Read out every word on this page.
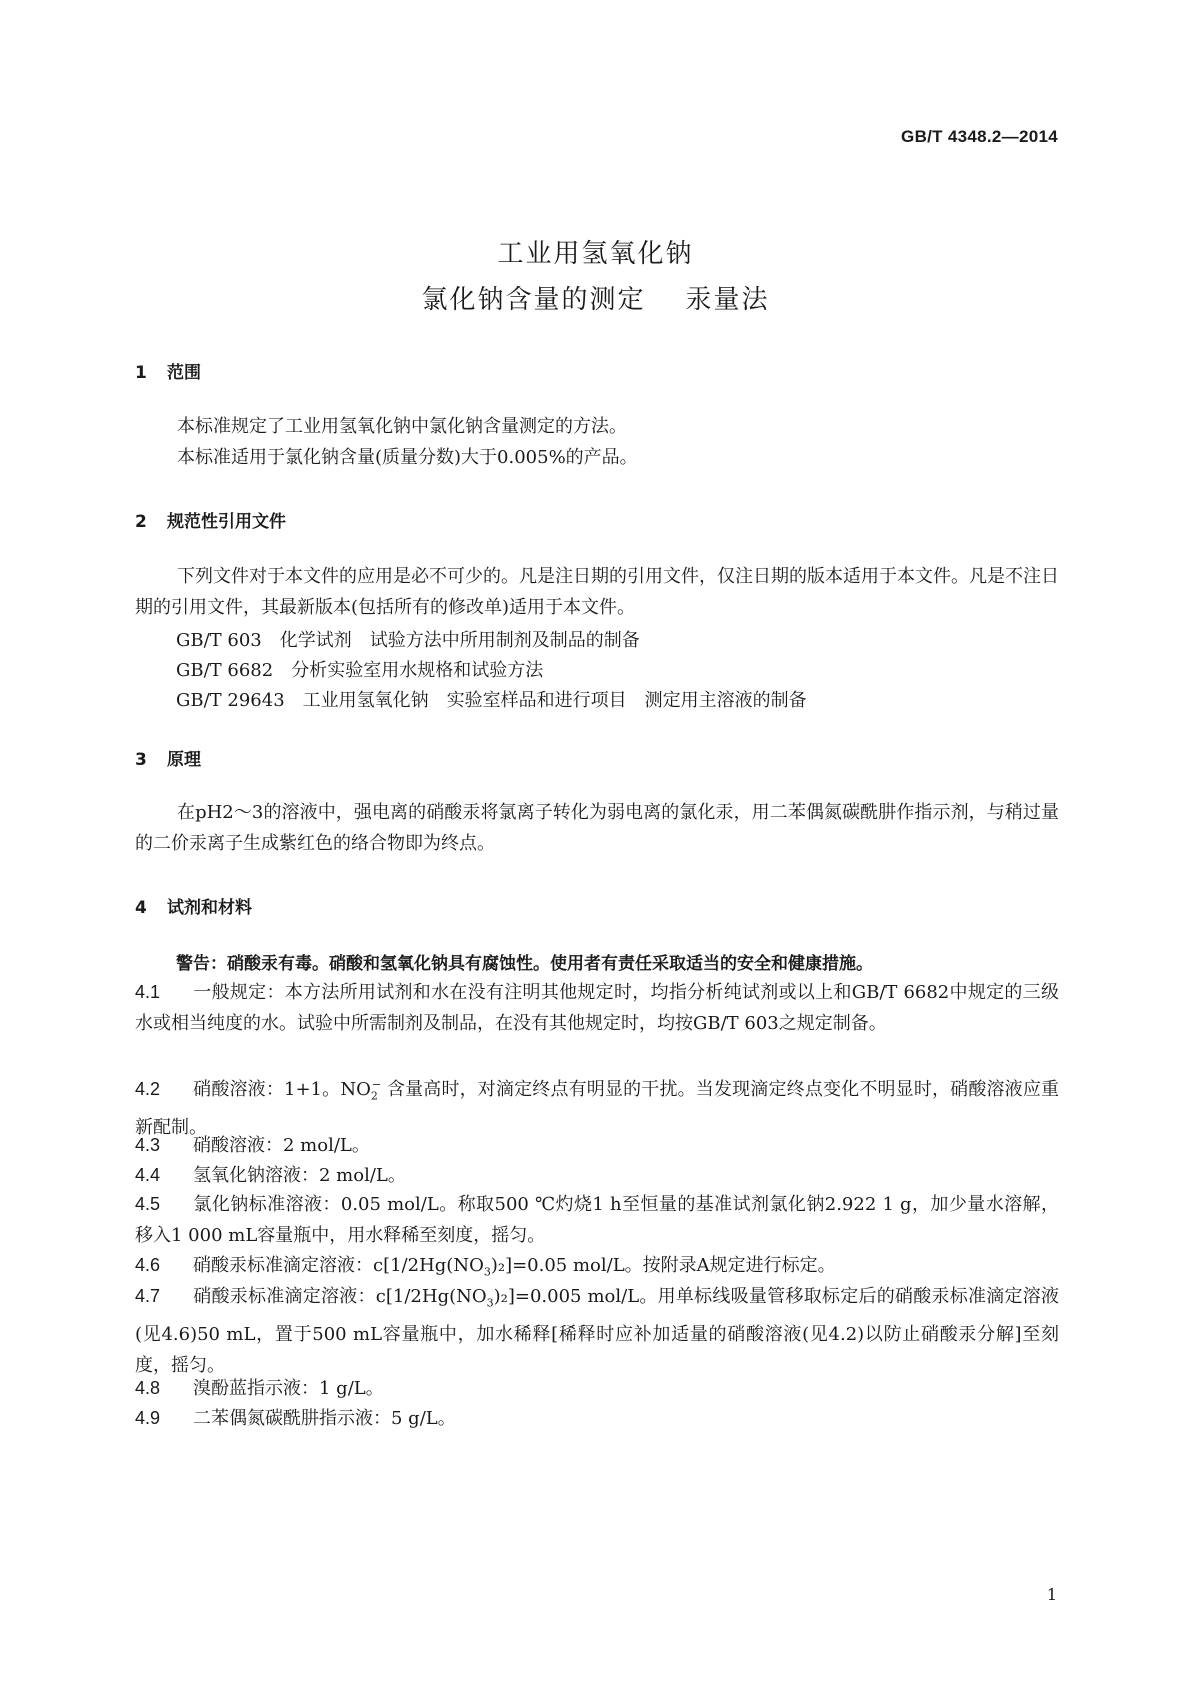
GB/T 4348.2—2014
工业用氢氧化钠
氯化钠含量的测定 汞量法
1 范围
本标准规定了工业用氢氧化钠中氯化钠含量测定的方法。
本标准适用于氯化钠含量(质量分数)大于0.005%的产品。
2 规范性引用文件
下列文件对于本文件的应用是必不可少的。凡是注日期的引用文件，仅注日期的版本适用于本文件。凡是不注日期的引用文件，其最新版本(包括所有的修改单)适用于本文件。
GB/T 603 化学试剂　试验方法中所用制剂及制品的制备
GB/T 6682 分析实验室用水规格和试验方法
GB/T 29643 工业用氢氧化钠　实验室样品和进行项目　测定用主溶液的制备
3 原理
在pH2～3的溶液中，强电离的硝酸汞将氯离子转化为弱电离的氯化汞，用二苯偶氮碳酰肼作指示剂，与稍过量的二价汞离子生成紫红色的络合物即为终点。
4 试剂和材料
警告：硝酸汞有毒。硝酸和氢氧化钠具有腐蚀性。使用者有责任采取适当的安全和健康措施。
4.1 一般规定：本方法所用试剂和水在没有注明其他规定时，均指分析纯试剂或以上和GB/T 6682中规定的三级水或相当纯度的水。试验中所需制剂及制品，在没有其他规定时，均按GB/T 603之规定制备。
4.2 硝酸溶液：1+1。$NO_2^-$ 含量高时，对滴定终点有明显的干扰。当发现滴定终点变化不明显时，硝酸溶液应重新配制。
4.3 硝酸溶液：2 mol/L。
4.4 氢氧化钠溶液：2 mol/L。
4.5 氯化钠标准溶液：0.05 mol/L。称取500 ℃灼烧1 h至恒量的基准试剂氯化钠2.922 1 g，加少量水溶解，移入1 000 mL容量瓶中，用水释稀至刻度，摇匀。
4.6 硝酸汞标准滴定溶液：$c[1/2Hg(NO_3)_2]=0.05$ mol/L。按附录A规定进行标定。
4.7 硝酸汞标准滴定溶液：$c[1/2Hg(NO_3)_2]=0.005$ mol/L。用单标线吸量管移取标定后的硝酸汞标准滴定溶液(见4.6)50 mL，置于500 mL容量瓶中，加水稀释[稀释时应补加适量的硝酸溶液(见4.2)以防止硝酸汞分解]至刻度，摇匀。
4.8 溴酚蓝指示液：1 g/L。
4.9 二苯偶氮碳酰肼指示液：5 g/L。
1
